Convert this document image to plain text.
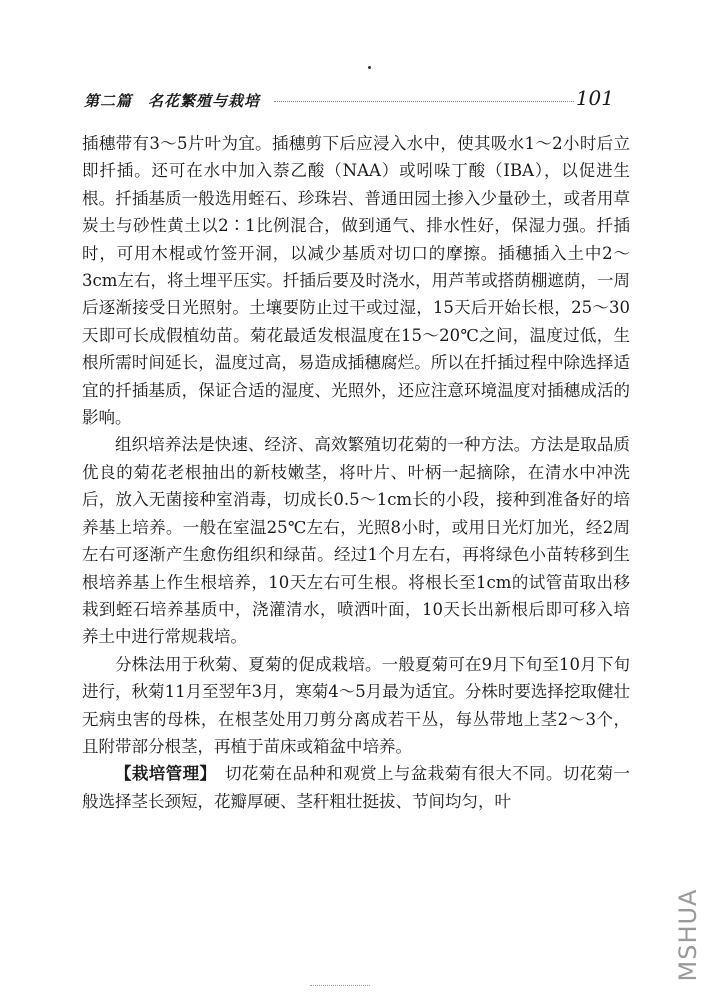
第二篇　名花繁殖与栽培	101

插穗带有3～5片叶为宜。插穗剪下后应浸入水中，使其吸水1～2小时后立即扦插。还可在水中加入萘乙酸（NAA）或吲哚丁酸（IBA），以促进生根。扦插基质一般选用蛭石、珍珠岩、普通田园土掺入少量砂土，或者用草炭土与砂性黄土以2∶1比例混合，做到通气、排水性好，保湿力强。扦插时，可用木棍或竹签开洞，以减少基质对切口的摩擦。插穗插入土中2～3cm左右，将土埋平压实。扦插后要及时浇水，用芦苇或搭荫棚遮荫，一周后逐渐接受日光照射。土壤要防止过干或过湿，15天后开始长根，25～30天即可长成假植幼苗。菊花最适发根温度在15～20℃之间，温度过低，生根所需时间延长，温度过高，易造成插穗腐烂。所以在扦插过程中除选择适宜的扦插基质，保证合适的湿度、光照外，还应注意环境温度对插穗成活的影响。

组织培养法是快速、经济、高效繁殖切花菊的一种方法。方法是取品质优良的菊花老根抽出的新枝嫩茎，将叶片、叶柄一起摘除，在清水中冲洗后，放入无菌接种室消毒，切成长0.5～1cm长的小段，接种到准备好的培养基上培养。一般在室温25℃左右，光照8小时，或用日光灯加光，经2周左右可逐渐产生愈伤组织和绿苗。经过1个月左右，再将绿色小苗转移到生根培养基上作生根培养，10天左右可生根。将根长至1cm的试管苗取出移栽到蛭石培养基质中，浇灌清水，喷洒叶面，10天长出新根后即可移入培养土中进行常规栽培。

分株法用于秋菊、夏菊的促成栽培。一般夏菊可在9月下旬至10月下旬进行，秋菊11月至翌年3月，寒菊4～5月最为适宜。分株时要选择挖取健壮无病虫害的母株，在根茎处用刀剪分离成若干丛，每丛带地上茎2～3个，且附带部分根茎，再植于苗床或箱盆中培养。

【栽培管理】　切花菊在品种和观赏上与盆栽菊有很大不同。切花菊一般选择茎长颈短，花瓣厚硬、茎秆粗壮挺拔、节间均匀，叶

MSHUA
